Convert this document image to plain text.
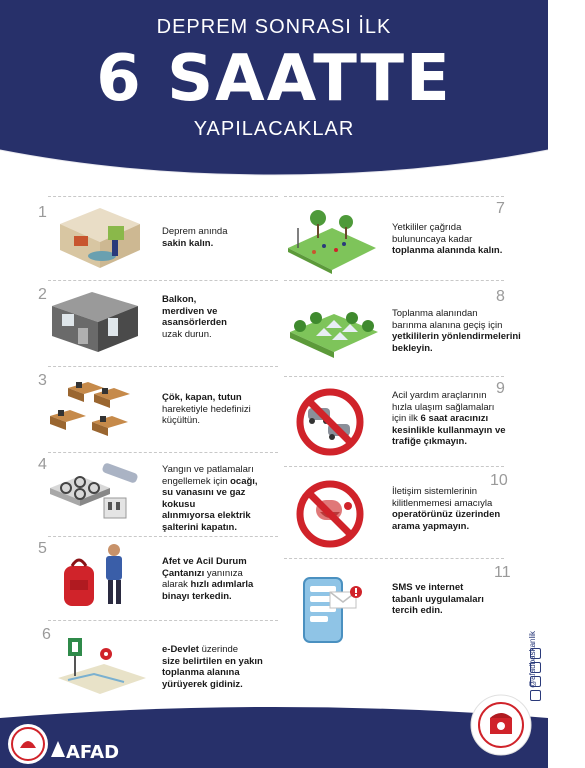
DEPREM SONRASI İLK
6 SAATTE
YAPILACAKLAR
1
Deprem anında
sakin kalın.
2	Balkon,
merdiven ve
asansörlerden
uzak durun.
3
Çök, kapan, tutun
hareketiyle hedefinizi
küçültün.
4	Yangın ve patlamaları
engellemek için ocağı,
su vanasını ve gaz kokusu
alınmıyorsa elektrik
şalterini kapatın.
5
Afet ve Acil Durum
Çantanızı yanınıza
alarak hızlı adımlarla
binayı terkedin.
6
e-Devlet üzerinde
size belirtilen en yakın
toplanma alanına
yürüyerek gidiniz.
7
Yetkililer çağrıda
bulununcaya kadar
toplanma alanında kalın.
8
Toplanma alanından
barınma alanına geçiş için
yetkililerin yönlendirmelerini
bekleyin.
9
Acil yardım araçlarının
hızla ulaşım sağlamaları
için ilk 6 saat aracınızı
kesinlikle kullanmayın ve
trafiğe çıkmayın.
10
İletişim sistemlerinin
kilitlenmemesi amacıyla
operatörünüz üzerinden
arama yapmayın.
11
SMS ve internet
tabanlı uygulamaları
tercih edin.
@afadbaskanlik
AFAD
